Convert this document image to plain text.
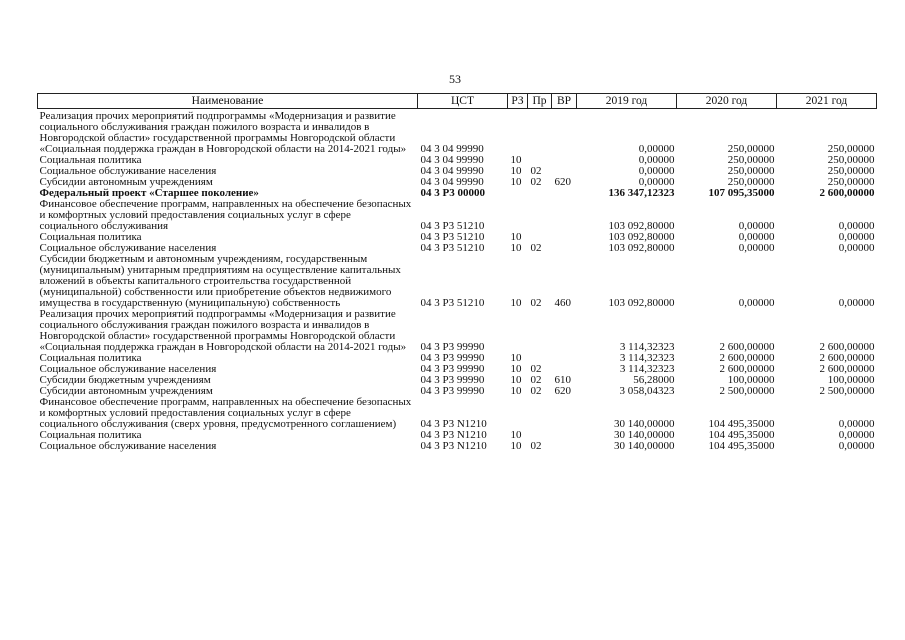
53
Наименование	ЦСТ	РЗ	Пр	ВР	2019 год	2020 год	2021 год
Реализация прочих мероприятий подпрограммы «Модернизация и развитие социального обслуживания граждан пожилого возраста и инвалидов в Новгородской области» государственной программы Новгородской области «Социальная поддержка граждан в Новгородской области на 2014-2021 годы»	04 3 04 99990				0,00000	250,00000	250,00000
Социальная политика	04 3 04 99990	10			0,00000	250,00000	250,00000
Социальное обслуживание населения	04 3 04 99990	10	02		0,00000	250,00000	250,00000
Субсидии автономным учреждениям	04 3 04 99990	10	02	620	0,00000	250,00000	250,00000
Федеральный проект «Старшее поколение»	04 3 P3 00000				136 347,12323	107 095,35000	2 600,00000
Финансовое обеспечение программ, направленных на обеспечение безопасных и комфортных условий предоставления социальных услуг в сфере социального обслуживания	04 3 P3 51210				103 092,80000	0,00000	0,00000
Социальная политика	04 3 P3 51210	10			103 092,80000	0,00000	0,00000
Социальное обслуживание населения	04 3 P3 51210	10	02		103 092,80000	0,00000	0,00000
Субсидии бюджетным и автономным учреждениям, государственным (муниципальным) унитарным предприятиям на осуществление капитальных вложений в объекты капитального строительства государственной (муниципальной) собственности или приобретение объектов недвижимого имущества в государственную (муниципальную) собственность	04 3 P3 51210	10	02	460	103 092,80000	0,00000	0,00000
Реализация прочих мероприятий подпрограммы «Модернизация и развитие социального обслуживания граждан пожилого возраста и инвалидов в Новгородской области» государственной программы Новгородской области «Социальная поддержка граждан в Новгородской области на 2014-2021 годы»	04 3 P3 99990				3 114,32323	2 600,00000	2 600,00000
Социальная политика	04 3 P3 99990	10			3 114,32323	2 600,00000	2 600,00000
Социальное обслуживание населения	04 3 P3 99990	10	02		3 114,32323	2 600,00000	2 600,00000
Субсидии бюджетным учреждениям	04 3 P3 99990	10	02	610	56,28000	100,00000	100,00000
Субсидии автономным учреждениям	04 3 P3 99990	10	02	620	3 058,04323	2 500,00000	2 500,00000
Финансовое обеспечение программ, направленных на обеспечение безопасных и комфортных условий предоставления социальных услуг в сфере социального обслуживания (сверх уровня, предусмотренного соглашением)	04 3 P3 N1210				30 140,00000	104 495,35000	0,00000
Социальная политика	04 3 P3 N1210	10			30 140,00000	104 495,35000	0,00000
Социальное обслуживание населения	04 3 P3 N1210	10	02		30 140,00000	104 495,35000	0,00000
